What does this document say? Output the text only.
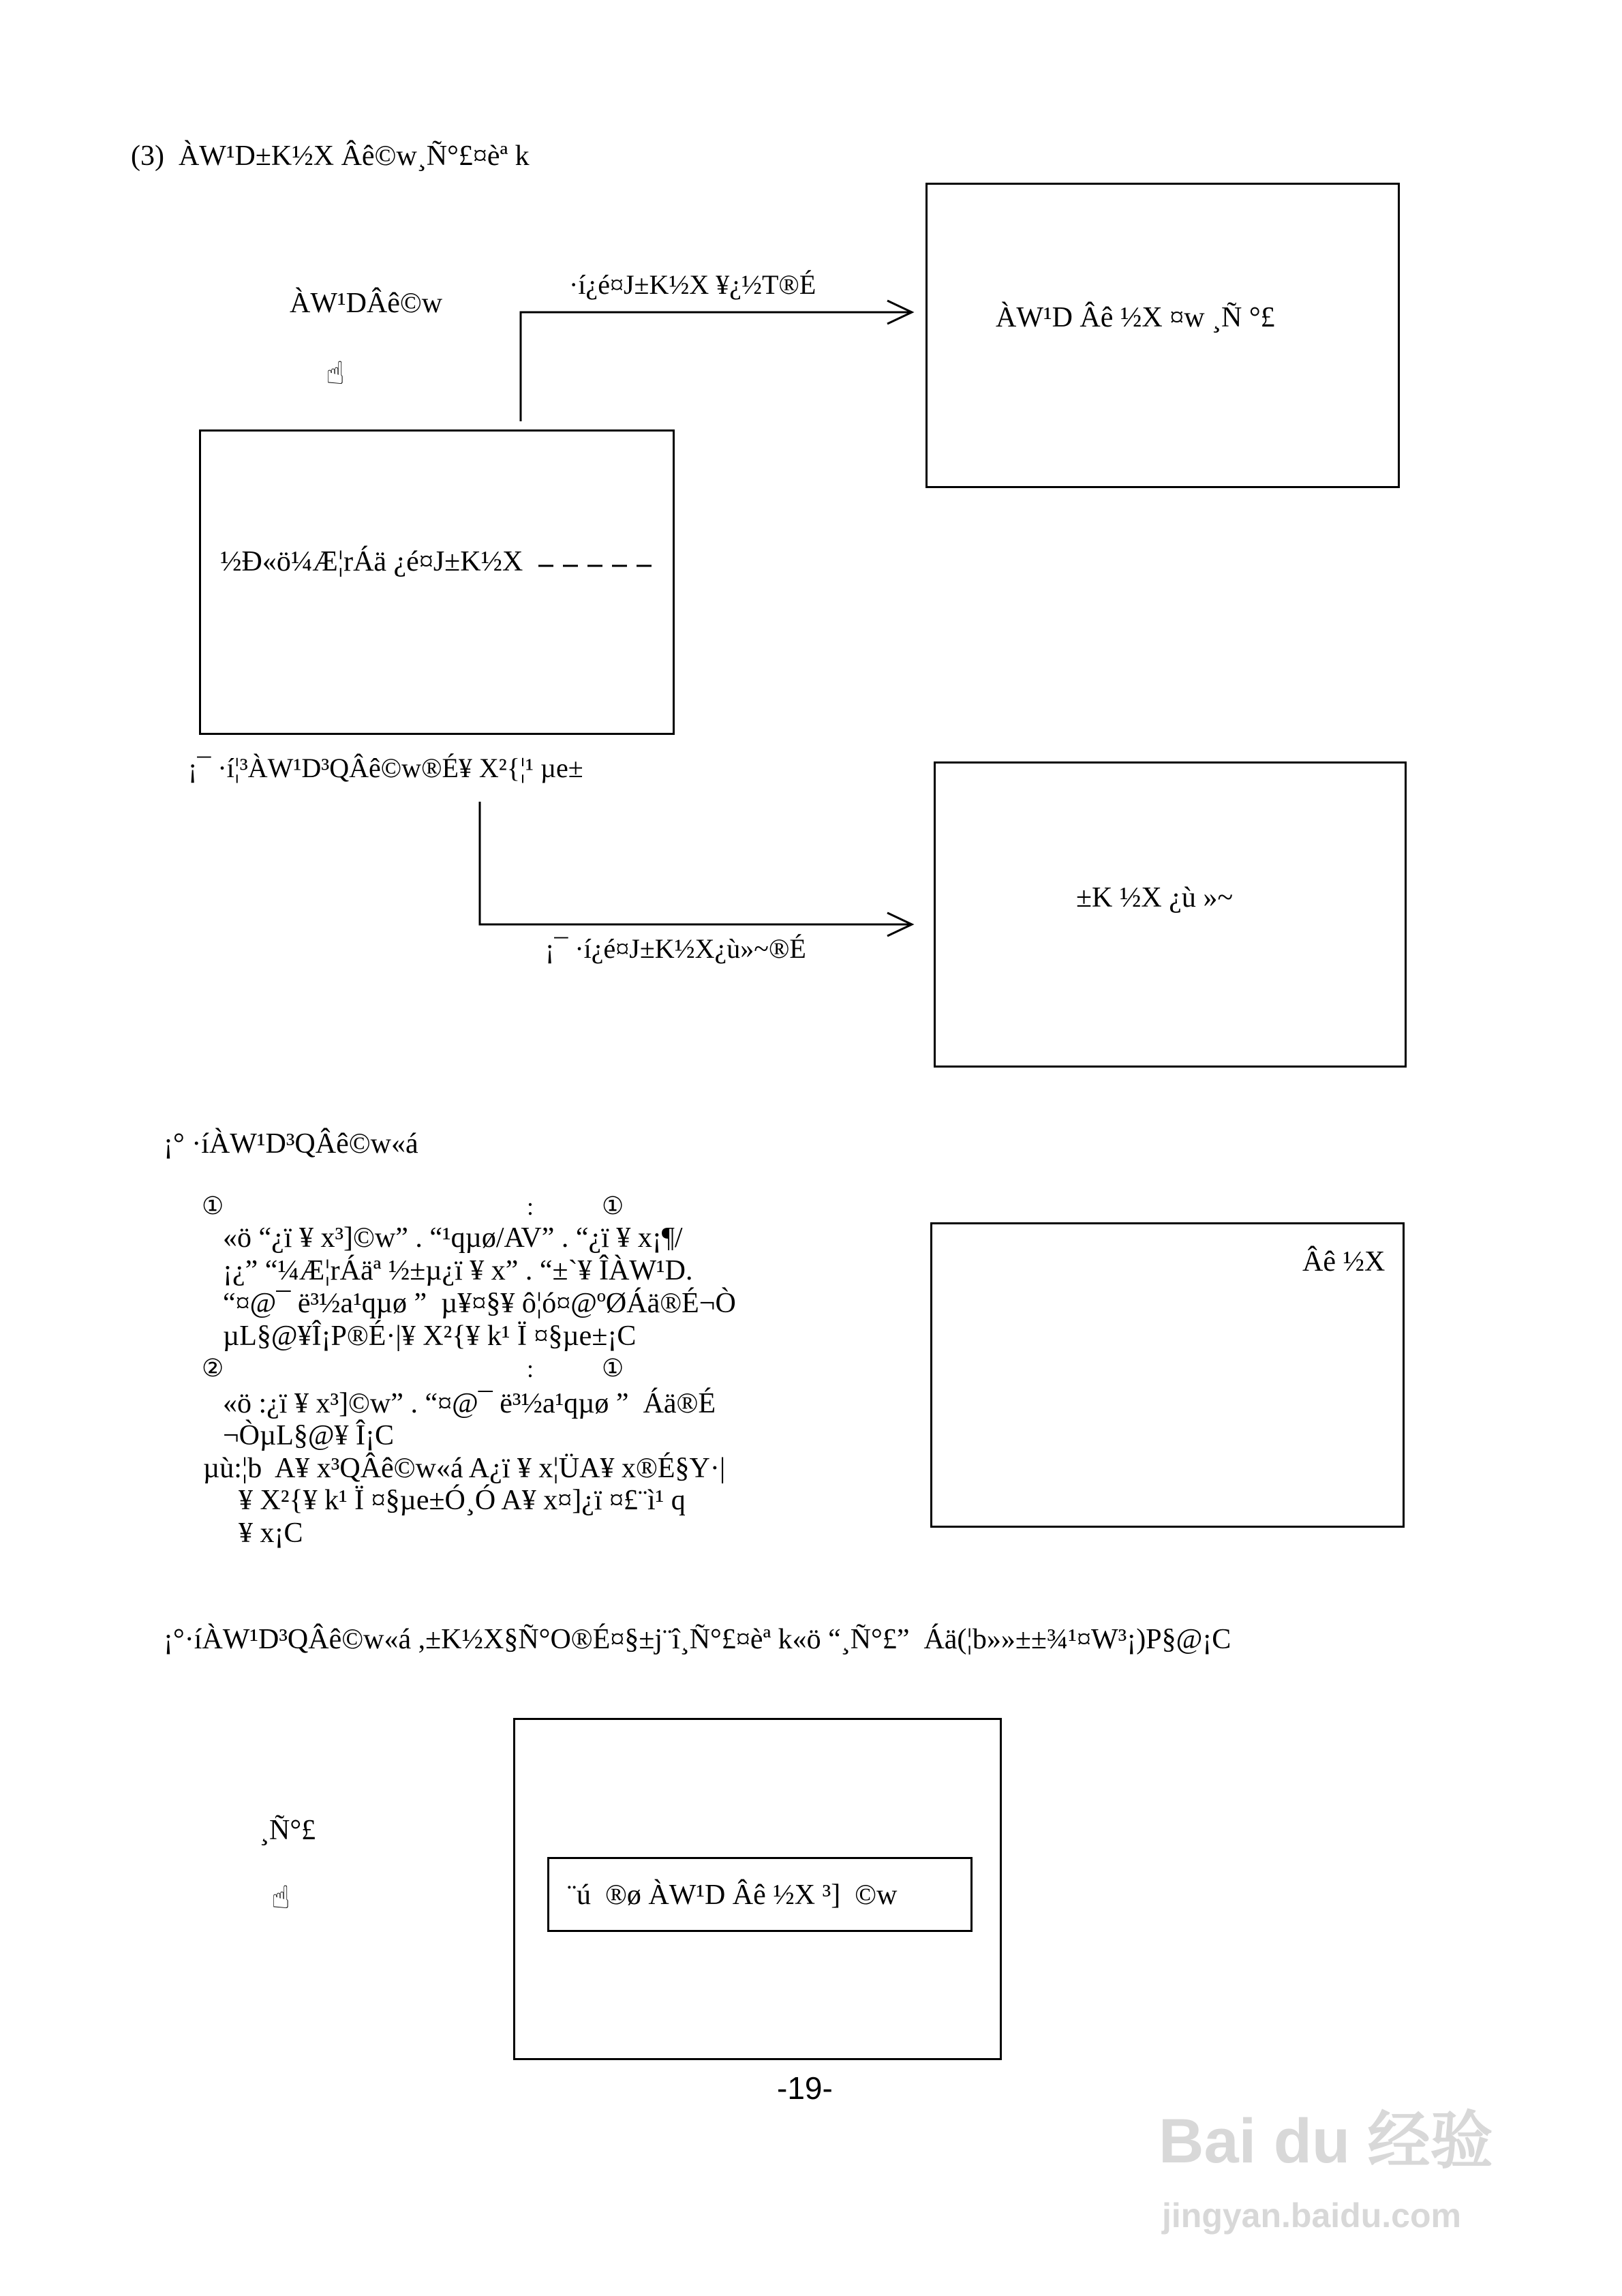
(3)  ÀW¹D±K½X Âê©w¸Ñ°£¤èª k
ÀW¹DÂê©w
☝
·í¿é¤J±K½X ¥¿½T®É
ÀW¹D Âê ½X ¤w ¸Ñ °£
½Ð«ö¼Æ¦rÁä ¿é¤J±K½X
¡¯ ·í¦³ÀW¹D³QÂê©w®É¥ X²{¦¹ µe±
±K ½X ¿ù »~
¡¯ ·í¿é¤J±K½X¿ù»~®É
¡° ·íÀW¹D³QÂê©w«á
①	:	①
«ö “¿ï ¥ x³]©w” . “¹qµø/AV” . “¿ï ¥ x¡¶/
¡¿” “¼Æ¦rÁäª ½±µ¿ï ¥ x” . “±`¥ ÎÀW¹D.
“¤@¯ ë³½a¹qµø ”  µ¥¤§¥ ô¦ó¤@ºØÁä®É¬Ò
µL§@¥Î¡P®É·|¥ X²{¥ k¹ Ï ¤§µe±¡C
②	:	①
«ö :¿ï ¥ x³]©w” . “¤@¯ ë³½a¹qµø ”  Áä®É
¬ÒµL§@¥ Î¡C
µù:¦b  A¥ x³QÂê©w«á A¿ï ¥ x¦ÜA¥ x®É§Y·|
¥ X²{¥ k¹ Ï ¤§µe±Ó¸Ó A¥ x¤]¿ï ¤£¨ì¹ q
¥ x¡C
Âê ½X
¡°·íÀW¹D³QÂê©w«á ,±K½X§Ñ°O®É¤§±j¨î¸Ñ°£¤èª k«ö “¸Ñ°£”  Áä(¦b»»±±¾¹¤W³¡)P§@¡C
¸Ñ°£
☝	¨ú  ®ø ÀW¹D Âê ½X ³]  ©w
-19-
Bai du 经验
jingyan.baidu.com
